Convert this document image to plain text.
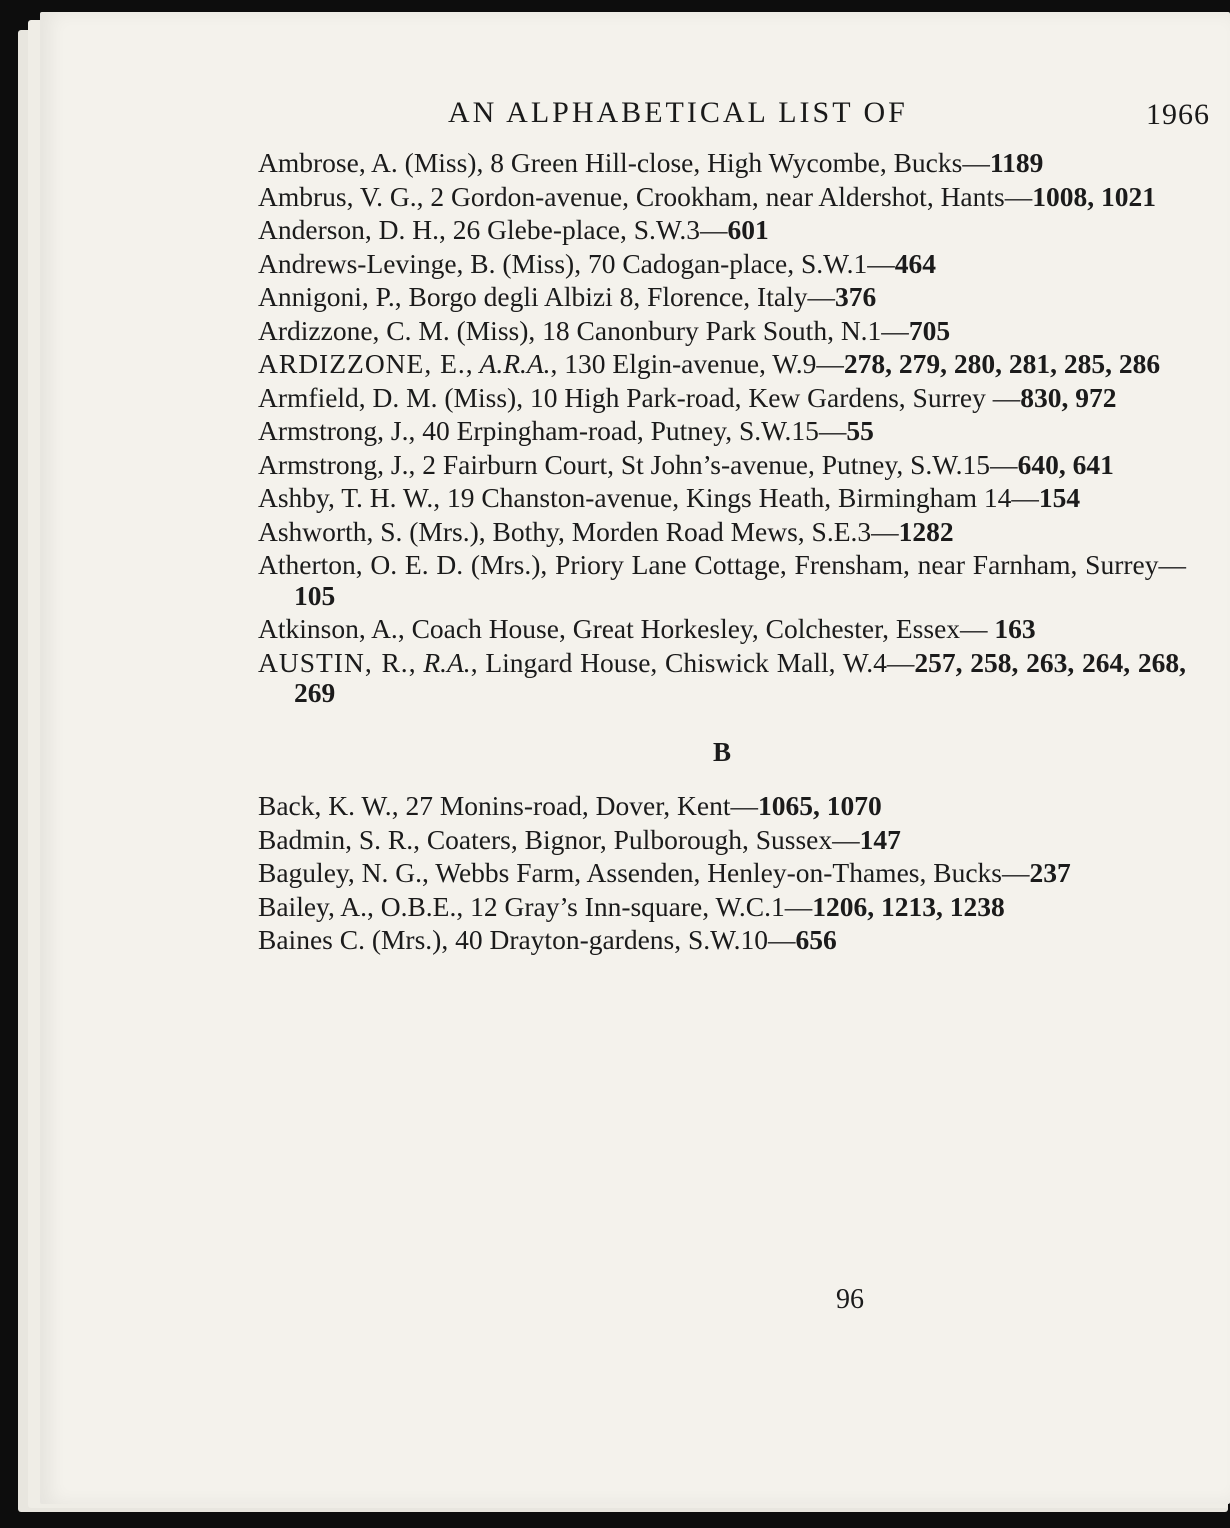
AN ALPHABETICAL LIST OF	1966
Ambrose, A. (Miss), 8 Green Hill-close, High Wycombe, Bucks—1189
Ambrus, V. G., 2 Gordon-avenue, Crookham, near Aldershot, Hants—1008, 1021
Anderson, D. H., 26 Glebe-place, S.W.3—601
Andrews-Levinge, B. (Miss), 70 Cadogan-place, S.W.1—464
Annigoni, P., Borgo degli Albizi 8, Florence, Italy—376
Ardizzone, C. M. (Miss), 18 Canonbury Park South, N.1—705
ARDIZZONE, E., A.R.A., 130 Elgin-avenue, W.9—278, 279, 280, 281, 285, 286
Armfield, D. M. (Miss), 10 High Park-road, Kew Gardens, Surrey —830, 972
Armstrong, J., 40 Erpingham-road, Putney, S.W.15—55
Armstrong, J., 2 Fairburn Court, St John’s-avenue, Putney, S.W.15—640, 641
Ashby, T. H. W., 19 Chanston-avenue, Kings Heath, Birmingham 14—154
Ashworth, S. (Mrs.), Bothy, Morden Road Mews, S.E.3—1282
Atherton, O. E. D. (Mrs.), Priory Lane Cottage, Frensham, near Farnham, Surrey—105
Atkinson, A., Coach House, Great Horkesley, Colchester, Essex— 163
AUSTIN, R., R.A., Lingard House, Chiswick Mall, W.4—257, 258, 263, 264, 268, 269
B
Back, K. W., 27 Monins-road, Dover, Kent—1065, 1070
Badmin, S. R., Coaters, Bignor, Pulborough, Sussex—147
Baguley, N. G., Webbs Farm, Assenden, Henley-on-Thames, Bucks—237
Bailey, A., O.B.E., 12 Gray’s Inn-square, W.C.1—1206, 1213, 1238
Baines C. (Mrs.), 40 Drayton-gardens, S.W.10—656
96
